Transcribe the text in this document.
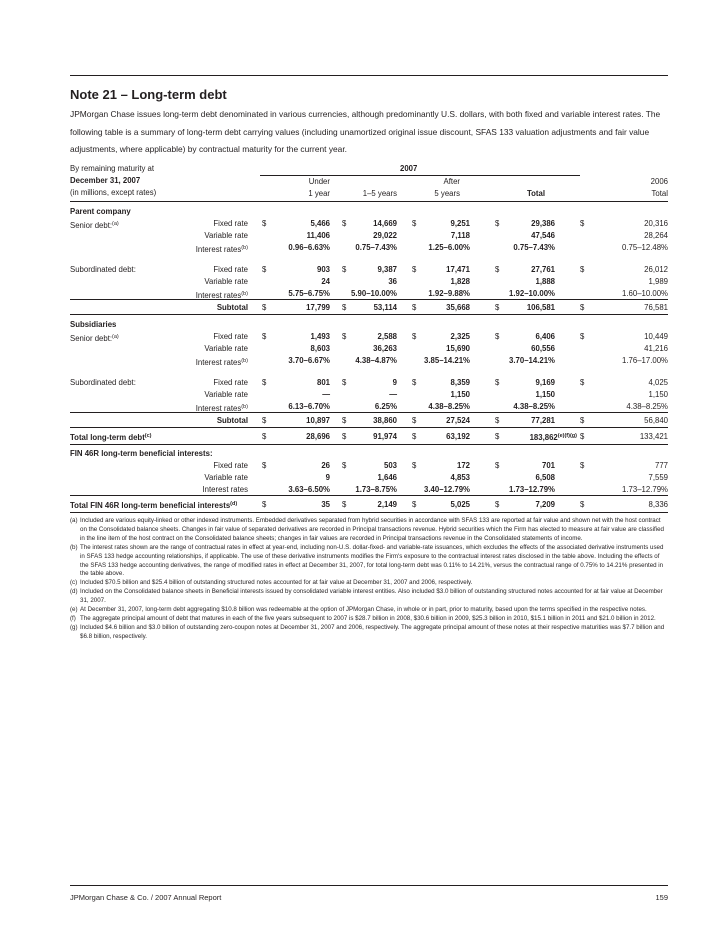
Note 21 – Long-term debt
JPMorgan Chase issues long-term debt denominated in various currencies, although predominantly U.S. dollars, with both fixed and variable interest rates. The following table is a summary of long-term debt carrying values (including unamortized original issue discount, SFAS 133 valuation adjustments and fair value adjustments, where applicable) by contractual maturity for the current year.
By remaining maturity at
December 31, 2007
(in millions, except rates)
2007
Under
1 year	1–5 years
After
5 years	Total
2006
Total
Parent company
Senior debt:$^{(a)}$	Fixed rate $	5,466 $	14,669 $	9,251	$	29,386	$	20,316
Variable rate	11,406	29,022	7,118	47,546	28,264
Interest rates$^{(b)}$	0.96–6.63%	0.75–7.43%	1.25–6.00%	0.75–7.43%	0.75–12.48%
Subordinated debt:	Fixed rate $	903 $	9,387 $	17,471	$	27,761	$	26,012
Variable rate	24	36	1,828	1,888	1,989
Interest rates$^{(b)}$	5.75–6.75%	5.90–10.00%	1.92–9.88%	1.92–10.00%	1.60–10.00%
Subtotal $	17,799 $	53,114 $	35,668	$	106,581	$	76,581
Subsidiaries
Senior debt:$^{(a)}$	Fixed rate $	1,493 $	2,588 $	2,325	$	6,406	$	10,449
Variable rate	8,603	36,263	15,690	60,556	41,216
Interest rates$^{(b)}$	3.70–6.67%	4.38–4.87%	3.85–14.21%	3.70–14.21%	1.76–17.00%
Subordinated debt:	Fixed rate $	801 $	9 $	8,359	$	9,169	$	4,025
Variable rate	—	—	1,150	1,150	1,150
Interest rates$^{(b)}$	6.13–6.70%	6.25%	4.38–8.25%	4.38–8.25%	4.38–8.25%
Subtotal $	10,897 $	38,860 $	27,524	$	77,281	$	56,840
Total long-term debt$^{(c)}$	$	28,696 $	91,974 $	63,192	$	$183,862^{(e)(f)(g)}$ $	133,421
FIN 46R long-term beneficial interests:
Fixed rate $	26 $	503 $	172	$	701	$	777
Variable rate	9	1,646	4,853	6,508	7,559
Interest rates	3.63–6.50%	1.73–8.75%	3.40–12.79%	1.73–12.79%	1.73–12.79%
Total FIN 46R long-term beneficial interests$^{(d)}$	$	35 $	2,149 $	5,025	$	7,209	$	8,336
(a) Included are various equity-linked or other indexed instruments. Embedded derivatives separated from hybrid securities in accordance with SFAS 133 are reported at fair value and shown net with the host contract on the Consolidated balance sheets. Changes in fair value of separated derivatives are recorded in Principal transactions revenue. Hybrid securities which the Firm has elected to measure at fair value are classified in the line item of the host contract on the Consolidated balance sheets; changes in fair values are recorded in Principal transactions revenue in the Consolidated statements of income.
(b) The interest rates shown are the range of contractual rates in effect at year-end, including non-U.S. dollar-fixed- and variable-rate issuances, which excludes the effects of the associated derivative instruments used in SFAS 133 hedge accounting relationships, if applicable. The use of these derivative instruments modifies the Firm's exposure to the contractual interest rates disclosed in the table above. Including the effects of the SFAS 133 hedge accounting derivatives, the range of modified rates in effect at December 31, 2007, for total long-term debt was 0.11% to 14.21%, versus the contractual range of 0.75% to 14.21% presented in the table above.
(c) Included $70.5 billion and $25.4 billion of outstanding structured notes accounted for at fair value at December 31, 2007 and 2006, respectively.
(d) Included on the Consolidated balance sheets in Beneficial interests issued by consolidated variable interest entities. Also included $3.0 billion of outstanding structured notes accounted for at fair value at December 31, 2007.
(e) At December 31, 2007, long-term debt aggregating $10.8 billion was redeemable at the option of JPMorgan Chase, in whole or in part, prior to maturity, based upon the terms specified in the respective notes.
(f) The aggregate principal amount of debt that matures in each of the five years subsequent to 2007 is $28.7 billion in 2008, $30.6 billion in 2009, $25.3 billion in 2010, $15.1 billion in 2011 and $21.0 billion in 2012.
(g) Included $4.6 billion and $3.0 billion of outstanding zero-coupon notes at December 31, 2007 and 2006, respectively. The aggregate principal amount of these notes at their respective maturities was $7.7 billion and $6.8 billion, respectively.
JPMorgan Chase & Co. / 2007 Annual Report	159
